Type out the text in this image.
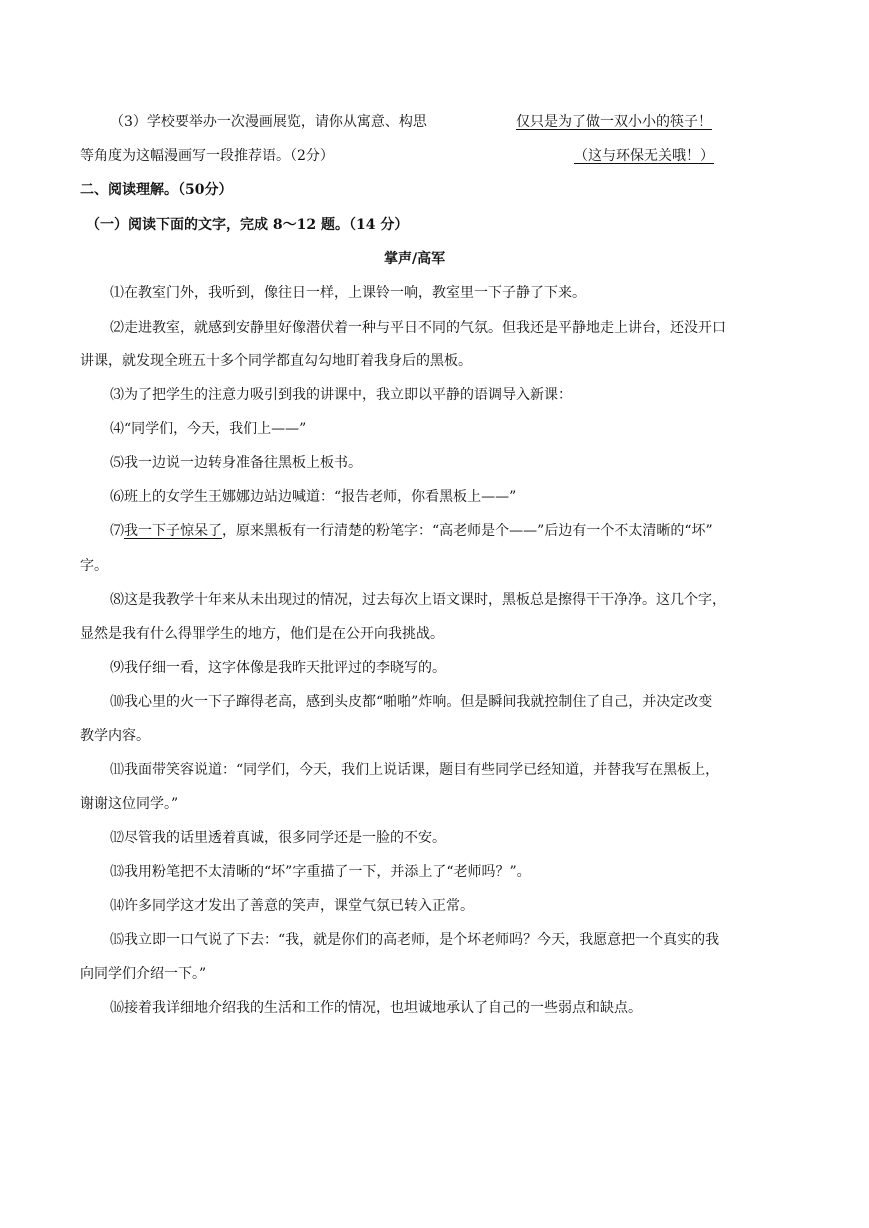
（3）学校要举办一次漫画展览，请你从寓意、构思	仅只是为了做一双小小的筷子！
等角度为这幅漫画写一段推荐语。（2分）	（这与环保无关哦！）
二、阅读理解。（50分）
（一）阅读下面的文字，完成 8～12 题。（14 分）
掌声/高军
⑴在教室门外，我听到，像往日一样，上课铃一响，教室里一下子静了下来。
⑵走进教室，就感到安静里好像潜伏着一种与平日不同的气氛。但我还是平静地走上讲台，还没开口
讲课，就发现全班五十多个同学都直勾勾地盯着我身后的黑板。
⑶为了把学生的注意力吸引到我的讲课中，我立即以平静的语调导入新课：
⑷“同学们，今天，我们上——”
⑸我一边说一边转身准备往黑板上板书。
⑹班上的女学生王娜娜边站边喊道：“报告老师，你看黑板上——”
⑺我一下子惊呆了，原来黑板有一行清楚的粉笔字：“高老师是个——”后边有一个不太清晰的“坏”
字。
⑻这是我教学十年来从未出现过的情况，过去每次上语文课时，黑板总是擦得干干净净。这几个字，
显然是我有什么得罪学生的地方，他们是在公开向我挑战。
⑼我仔细一看，这字体像是我昨天批评过的李晓写的。
⑽我心里的火一下子蹿得老高，感到头皮都“啪啪”炸响。但是瞬间我就控制住了自己，并决定改变
教学内容。
⑾我面带笑容说道：“同学们，今天，我们上说话课，题目有些同学已经知道，并替我写在黑板上，
谢谢这位同学。”
⑿尽管我的话里透着真诚，很多同学还是一脸的不安。
⒀我用粉笔把不太清晰的“坏”字重描了一下，并添上了“老师吗？”。
⒁许多同学这才发出了善意的笑声，课堂气氛已转入正常。
⒂我立即一口气说了下去：“我，就是你们的高老师，是个坏老师吗？今天，我愿意把一个真实的我
向同学们介绍一下。”
⒃接着我详细地介绍我的生活和工作的情况，也坦诚地承认了自己的一些弱点和缺点。
